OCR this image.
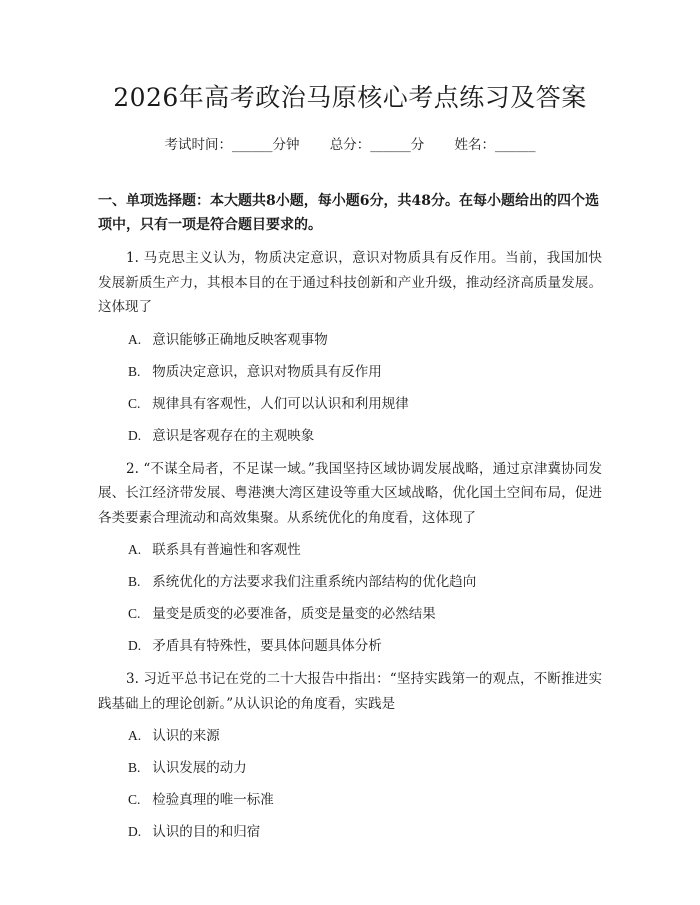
2026年高考政治马原核心考点练习及答案
考试时间：______分钟 总分：______分 姓名：______
一、单项选择题：本大题共8小题，每小题6分，共48分。在每小题给出的四个选项中，只有一项是符合题目要求的。
1. 马克思主义认为，物质决定意识，意识对物质具有反作用。当前，我国加快发展新质生产力，其根本目的在于通过科技创新和产业升级，推动经济高质量发展。这体现了
A. 意识能够正确地反映客观事物
B. 物质决定意识，意识对物质具有反作用
C. 规律具有客观性，人们可以认识和利用规律
D. 意识是客观存在的主观映象
2. “不谋全局者，不足谋一域。”我国坚持区域协调发展战略，通过京津冀协同发展、长江经济带发展、粤港澳大湾区建设等重大区域战略，优化国土空间布局，促进各类要素合理流动和高效集聚。从系统优化的角度看，这体现了
A. 联系具有普遍性和客观性
B. 系统优化的方法要求我们注重系统内部结构的优化趋向
C. 量变是质变的必要准备，质变是量变的必然结果
D. 矛盾具有特殊性，要具体问题具体分析
3. 习近平总书记在党的二十大报告中指出：“坚持实践第一的观点，不断推进实践基础上的理论创新。”从认识论的角度看，实践是
A. 认识的来源
B. 认识发展的动力
C. 检验真理的唯一标准
D. 认识的目的和归宿
